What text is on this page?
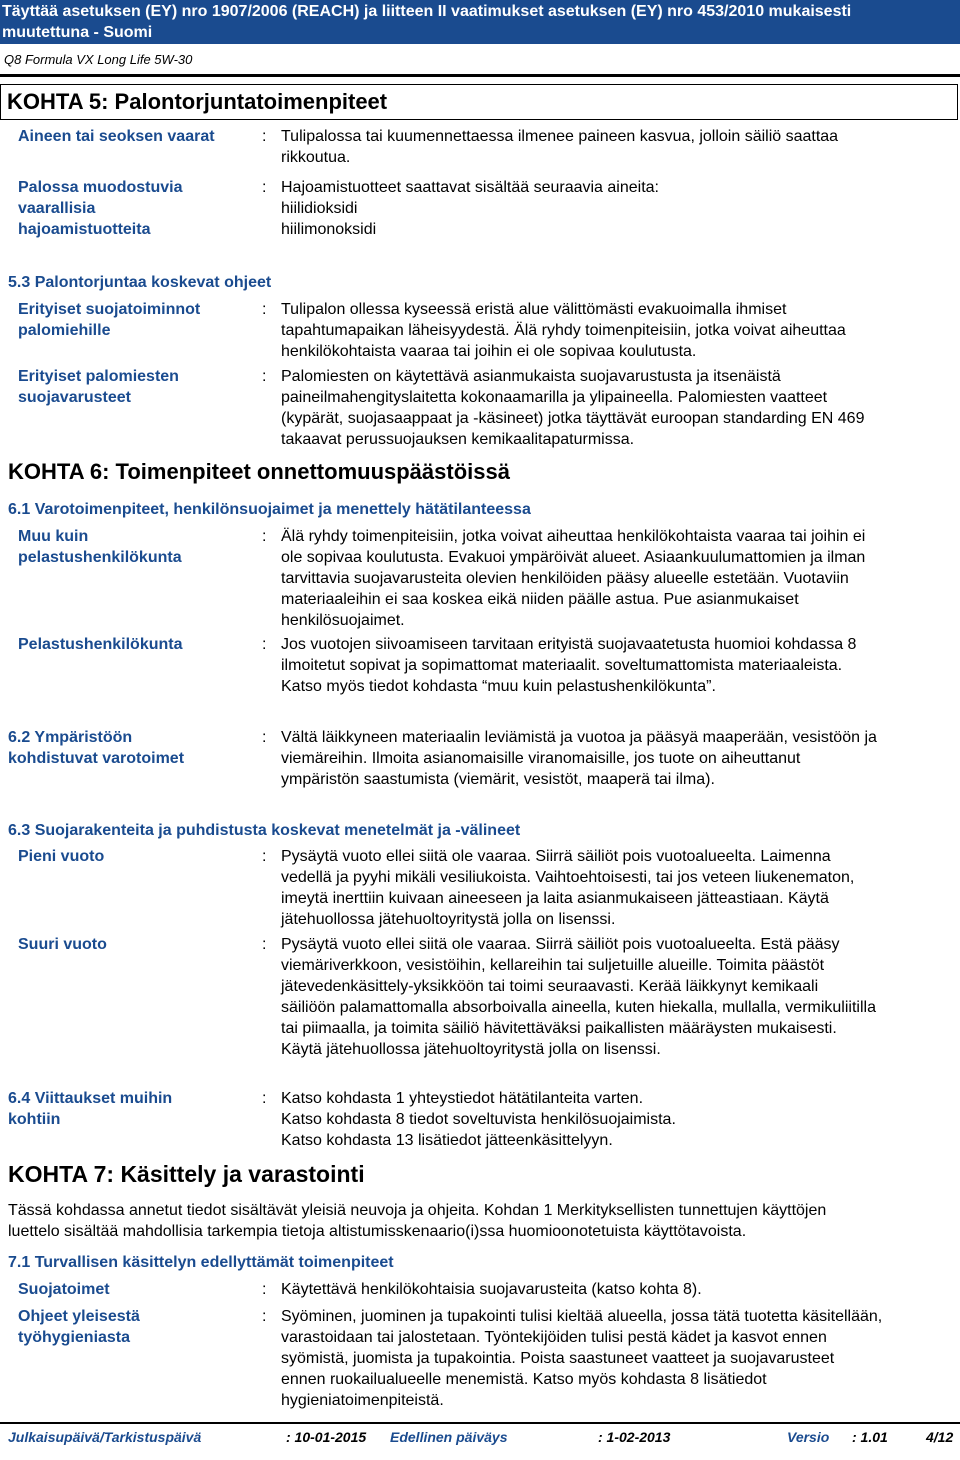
Täyttää asetuksen (EY) nro 1907/2006 (REACH) ja liitteen II vaatimukset asetuksen (EY) nro 453/2010 mukaisesti
muutettuna - Suomi
Q8 Formula VX Long Life 5W-30
KOHTA 5: Palontorjuntatoimenpiteet
Aineen tai seoksen vaarat	: Tulipalossa tai kuumennettaessa ilmenee paineen kasvua, jolloin säiliö saattaa
rikkoutua.
Palossa muodostuvia
vaarallisia
hajoamistuotteita
: Hajoamistuotteet saattavat sisältää seuraavia aineita:
hiilidioksidi
hiilimonoksidi
5.3 Palontorjuntaa koskevat ohjeet
Erityiset suojatoiminnot
palomiehille
: Tulipalon ollessa kyseessä eristä alue välittömästi evakuoimalla ihmiset
tapahtumapaikan läheisyydestä. Älä ryhdy toimenpiteisiin, jotka voivat aiheuttaa
henkilökohtaista vaaraa tai joihin ei ole sopivaa koulutusta.
Erityiset palomiesten
suojavarusteet
: Palomiesten on käytettävä asianmukaista suojavarustusta ja itsenäistä
paineilmahengityslaitetta kokonaamarilla ja ylipaineella. Palomiesten vaatteet
(kypärät, suojasaappaat ja -käsineet) jotka täyttävät euroopan standarding EN 469
takaavat perussuojauksen kemikaalitapaturmissa.
KOHTA 6: Toimenpiteet onnettomuuspäästöissä
6.1 Varotoimenpiteet, henkilönsuojaimet ja menettely hätätilanteessa
Muu kuin
pelastushenkilökunta
: Älä ryhdy toimenpiteisiin, jotka voivat aiheuttaa henkilökohtaista vaaraa tai joihin ei
ole sopivaa koulutusta. Evakuoi ympäröivät alueet. Asiaankuulumattomien ja ilman
tarvittavia suojavarusteita olevien henkilöiden pääsy alueelle estetään. Vuotaviin
materiaaleihin ei saa koskea eikä niiden päälle astua. Pue asianmukaiset
henkilösuojaimet.
Pelastushenkilökunta	: Jos vuotojen siivoamiseen tarvitaan erityistä suojavaatetusta huomioi kohdassa 8
ilmoitetut sopivat ja sopimattomat materiaalit. soveltumattomista materiaaleista.
Katso myös tiedot kohdasta “muu kuin pelastushenkilökunta”.
6.2 Ympäristöön
kohdistuvat varotoimet
: Vältä läikkyneen materiaalin leviämistä ja vuotoa ja pääsyä maaperään, vesistöön ja
viemäreihin. Ilmoita asianomaisille viranomaisille, jos tuote on aiheuttanut
ympäristön saastumista (viemärit, vesistöt, maaperä tai ilma).
6.3 Suojarakenteita ja puhdistusta koskevat menetelmät ja -välineet
Pieni vuoto	: Pysäytä vuoto ellei siitä ole vaaraa. Siirrä säiliöt pois vuotoalueelta. Laimenna
vedellä ja pyyhi mikäli vesiliukoista. Vaihtoehtoisesti, tai jos veteen liukenematon,
imeytä inerttiin kuivaan aineeseen ja laita asianmukaiseen jätteastiaan. Käytä
jätehuollossa jätehuoltoyritystä jolla on lisenssi.
Suuri vuoto	: Pysäytä vuoto ellei siitä ole vaaraa. Siirrä säiliöt pois vuotoalueelta. Estä pääsy
viemäriverkkoon, vesistöihin, kellareihin tai suljetuille alueille. Toimita päästöt
jätevedenkäsittely-yksikköön tai toimi seuraavasti. Kerää läikkynyt kemikaali
säiliöön palamattomalla absorboivalla aineella, kuten hiekalla, mullalla, vermikuliitilla
tai piimaalla, ja toimita säiliö hävitettäväksi paikallisten määräysten mukaisesti.
Käytä jätehuollossa jätehuoltoyritystä jolla on lisenssi.
6.4 Viittaukset muihin
kohtiin
: Katso kohdasta 1 yhteystiedot hätätilanteita varten.
Katso kohdasta 8 tiedot soveltuvista henkilösuojaimista.
Katso kohdasta 13 lisätiedot jätteenkäsittelyyn.
KOHTA 7: Käsittely ja varastointi
Tässä kohdassa annetut tiedot sisältävät yleisiä neuvoja ja ohjeita. Kohdan 1 Merkityksellisten tunnettujen käyttöjen
luettelo sisältää mahdollisia tarkempia tietoja altistumisskenaario(i)ssa huomioonotetuista käyttötavoista.
7.1 Turvallisen käsittelyn edellyttämät toimenpiteet
Suojatoimet	: Käytettävä henkilökohtaisia suojavarusteita (katso kohta 8).
Ohjeet yleisestä
työhygieniasta
: Syöminen, juominen ja tupakointi tulisi kieltää alueella, jossa tätä tuotetta käsitellään,
varastoidaan tai jalostetaan. Työntekijöiden tulisi pestä kädet ja kasvot ennen
syömistä, juomista ja tupakointia. Poista saastuneet vaatteet ja suojavarusteet
ennen ruokailualueelle menemistä. Katso myös kohdasta 8 lisätiedot
hygieniatoimenpiteistä.
Julkaisupäivä/Tarkistuspäivä	: 10-01-2015 Edellinen päiväys	: 1-02-2013	Versio : 1.01	4/12
